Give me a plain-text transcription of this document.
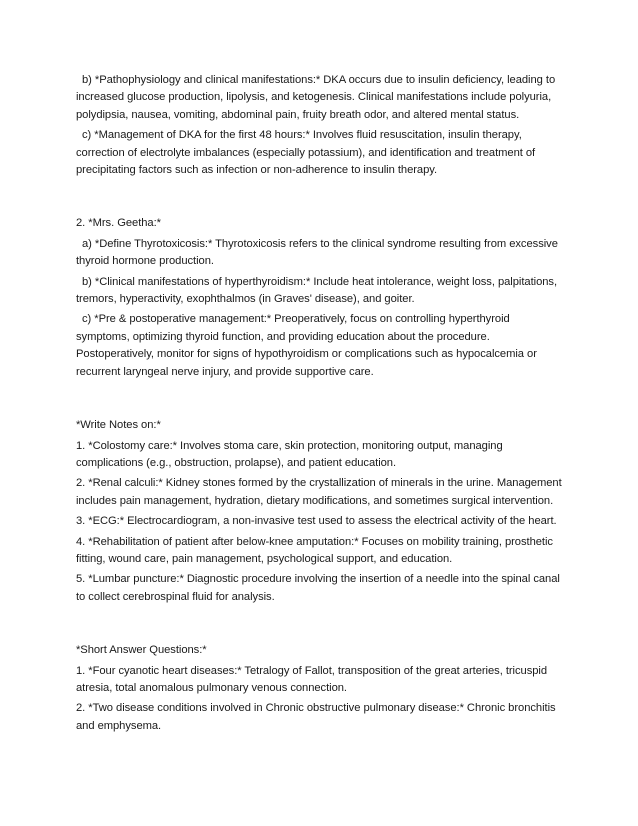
b) *Pathophysiology and clinical manifestations:* DKA occurs due to insulin deficiency, leading to increased glucose production, lipolysis, and ketogenesis. Clinical manifestations include polyuria, polydipsia, nausea, vomiting, abdominal pain, fruity breath odor, and altered mental status.

c) *Management of DKA for the first 48 hours:* Involves fluid resuscitation, insulin therapy, correction of electrolyte imbalances (especially potassium), and identification and treatment of precipitating factors such as infection or non-adherence to insulin therapy.

2. *Mrs. Geetha:*

a) *Define Thyrotoxicosis:* Thyrotoxicosis refers to the clinical syndrome resulting from excessive thyroid hormone production.

b) *Clinical manifestations of hyperthyroidism:* Include heat intolerance, weight loss, palpitations, tremors, hyperactivity, exophthalmos (in Graves' disease), and goiter.

c) *Pre & postoperative management:* Preoperatively, focus on controlling hyperthyroid symptoms, optimizing thyroid function, and providing education about the procedure. Postoperatively, monitor for signs of hypothyroidism or complications such as hypocalcemia or recurrent laryngeal nerve injury, and provide supportive care.

*Write Notes on:*

1. *Colostomy care:* Involves stoma care, skin protection, monitoring output, managing complications (e.g., obstruction, prolapse), and patient education.

2. *Renal calculi:* Kidney stones formed by the crystallization of minerals in the urine. Management includes pain management, hydration, dietary modifications, and sometimes surgical intervention.

3. *ECG:* Electrocardiogram, a non-invasive test used to assess the electrical activity of the heart.

4. *Rehabilitation of patient after below-knee amputation:* Focuses on mobility training, prosthetic fitting, wound care, pain management, psychological support, and education.

5. *Lumbar puncture:* Diagnostic procedure involving the insertion of a needle into the spinal canal to collect cerebrospinal fluid for analysis.

*Short Answer Questions:*

1. *Four cyanotic heart diseases:* Tetralogy of Fallot, transposition of the great arteries, tricuspid atresia, total anomalous pulmonary venous connection.

2. *Two disease conditions involved in Chronic obstructive pulmonary disease:* Chronic bronchitis and emphysema.
